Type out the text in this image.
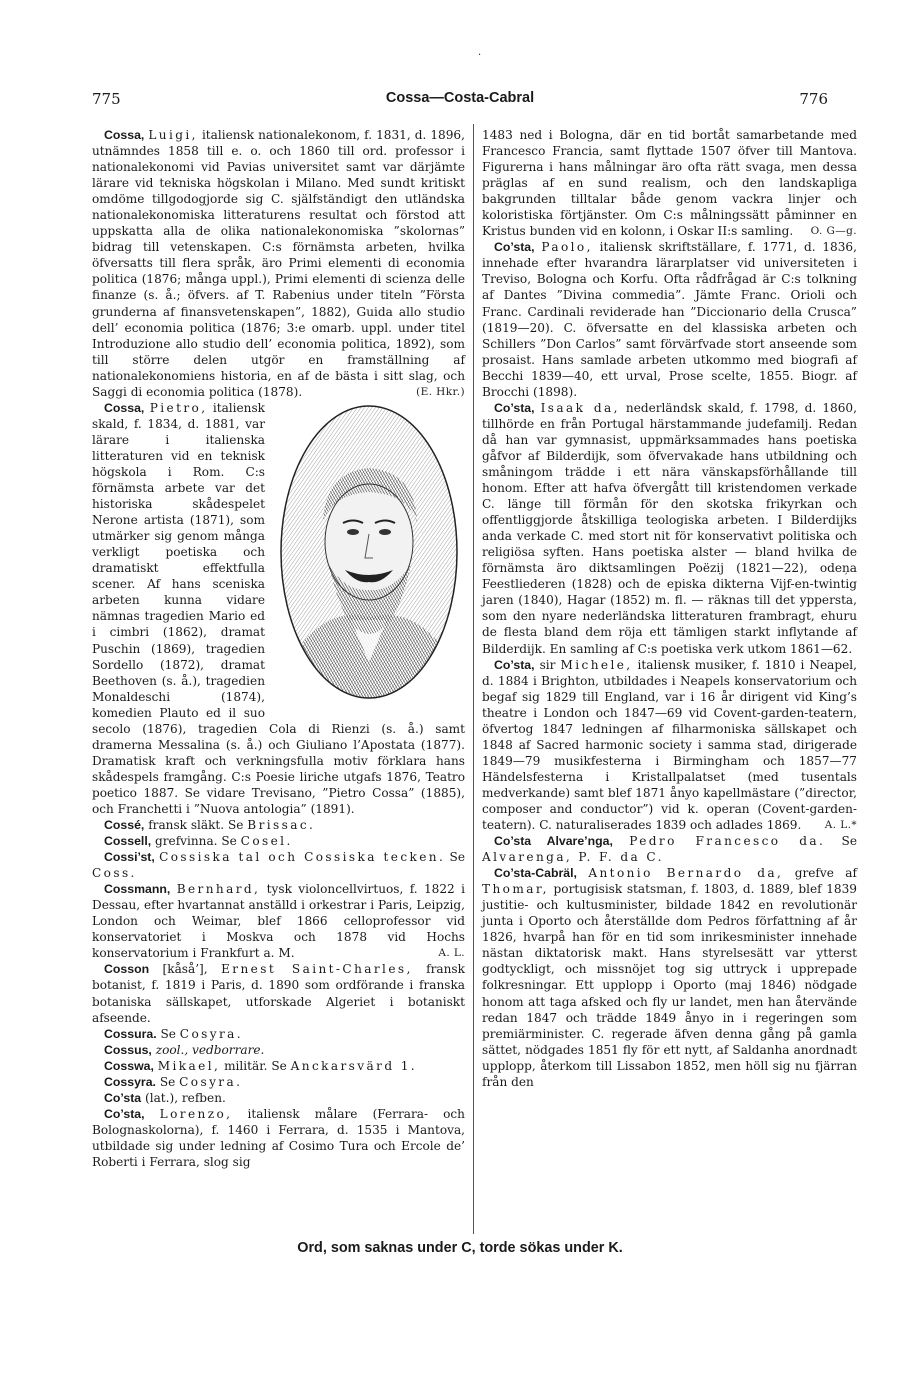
·
775	Cossa—Costa-Cabral	776

Cossa, Luigi, italiensk nationalekonom, f. 1831, d. 1896, utnämndes 1858 till e. o. och 1860 till ord. professor i nationalekonomi vid Pavias universitet samt var därjämte lärare vid tekniska högskolan i Milano. Med sundt kritiskt omdöme tillgodogjorde sig C. själfständigt den utländska nationalekonomiska litteraturens resultat och förstod att uppskatta alla de olika nationalekonomiska ”skolornas” bidrag till vetenskapen. C:s förnämsta arbeten, hvilka öfversatts till flera språk, äro Primi elementi di economia politica (1876; många uppl.), Primi elementi di scienza delle finanze (s. å.; öfvers. af T. Rabenius under titeln ”Första grunderna af finansvetenskapen”, 1882), Guida allo studio dell’ economia politica (1876; 3:e omarb. uppl. under titel Introduzione allo studio dell’ economia politica, 1892), som till större delen utgör en framställning af nationalekonomiens historia, en af de bästa i sitt slag, och Saggi di economia politica (1878).	(E. Hkr.)

Cossa, Pietro, italiensk skald, f. 1834, d. 1881, var lärare i italienska litteraturen vid en teknisk högskola i Rom. C:s förnämsta arbete var det historiska skådespelet Nerone artista (1871), som utmärker sig genom många verkligt poetiska och dramatiskt effektfulla scener. Af hans sceniska arbeten kunna vidare nämnas tragedien Mario ed i cimbri (1862), dramat Puschin (1869), tragedien Sordello (1872), dramat Beethoven (s. å.), tragedien Monaldeschi (1874), komedien Plauto ed il suo secolo (1876), tragedien Cola di Rienzi (s. å.) samt dramerna Messalina (s. å.) och Giuliano l’Apostata (1877). Dramatisk kraft och verkningsfulla motiv förklara hans skådespels framgång. C:s Poesie liriche utgafs 1876, Teatro poetico 1887. Se vidare Trevisano, ”Pietro Cossa” (1885), och Franchetti i ”Nuova antologia” (1891).

Cossé, fransk släkt. Se Brissac.

Cossell, grefvinna. Se Cosel.

Cossi’st, Cossiska tal och Cossiska tecken. Se Coss.

Cossmann, Bernhard, tysk violoncellvirtuos, f. 1822 i Dessau, efter hvartannat anställd i orkestrar i Paris, Leipzig, London och Weimar, blef 1866 celloprofessor vid konservatoriet i Moskva och 1878 vid Hochs konservatorium i Frankfurt a. M.	A. L.

Cosson [kåså’], Ernest Saint-Charles, fransk botanist, f. 1819 i Paris, d. 1890 som ordförande i franska botaniska sällskapet, utforskade Algeriet i botaniskt afseende.

Cossura. Se Cosyra.

Cossus, zool., vedborrare.

Cosswa, Mikael, militär. Se Anckarsvärd 1.

Cossyra. Se Cosyra.

Co’sta (lat.), refben.

Co’sta, Lorenzo, italiensk målare (Ferrara- och Bolognaskolorna), f. 1460 i Ferrara, d. 1535 i Mantova, utbildade sig under ledning af Cosimo Tura och Ercole de’ Roberti i Ferrara, slog sig

1483 ned i Bologna, där en tid bortåt samarbetande med Francesco Francia, samt flyttade 1507 öfver till Mantova. Figurerna i hans målningar äro ofta rätt svaga, men dessa präglas af en sund realism, och den landskapliga bakgrunden tilltalar både genom vackra linjer och koloristiska förtjänster. Om C:s målningssätt påminner en Kristus bunden vid en kolonn, i Oskar II:s samling.	O. G—g.

Co’sta, Paolo, italiensk skriftställare, f. 1771, d. 1836, innehade efter hvarandra lärarplatser vid universiteten i Treviso, Bologna och Korfu. Ofta rådfrågad är C:s tolkning af Dantes ”Divina commedia”. Jämte Franc. Orioli och Franc. Cardinali reviderade han ”Diccionario della Crusca” (1819—20). C. öfversatte en del klassiska arbeten och Schillers ”Don Carlos” samt förvärfvade stort anseende som prosaist. Hans samlade arbeten utkommo med biografi af Becchi 1839—40, ett urval, Prose scelte, 1855. Biogr. af Brocchi (1898).

Co’sta, Isaak da, nederländsk skald, f. 1798, d. 1860, tillhörde en från Portugal härstammande judefamilj. Redan då han var gymnasist, uppmärksammades hans poetiska gåfvor af Bilderdijk, som öfvervakade hans utbildning och småningom trädde i ett nära vänskapsförhållande till honom. Efter att hafva öfvergått till kristendomen verkade C. länge till förmån för den skotska frikyrkan och offentliggjorde åtskilliga teologiska arbeten. I Bilderdijks anda verkade C. med stort nit för konservativt politiska och religiösa syften. Hans poetiska alster — bland hvilka de förnämsta äro diktsamlingen Poëzij (1821—22), odeņa Feestliederen (1828) och de episka dikterna Vijf-en-twintig jaren (1840), Hagar (1852) m. fl. — räknas till det yppersta, som den nyare nederländska litteraturen frambragt, ehuru de flesta bland dem röja ett tämligen starkt inflytande af Bilderdijk. En samling af C:s poetiska verk utkom 1861—62.

Co’sta, sir Michele, italiensk musiker, f. 1810 i Neapel, d. 1884 i Brighton, utbildades i Neapels konservatorium och begaf sig 1829 till England, var i 16 år dirigent vid King’s theatre i London och 1847—69 vid Covent-garden-teatern, öfvertog 1847 ledningen af filharmoniska sällskapet och 1848 af Sacred harmonic society i samma stad, dirigerade 1849—79 musikfesterna i Birmingham och 1857—77 Händelsfesterna i Kristallpalatset (med tusentals medverkande) samt blef 1871 ånyo kapellmästare (”director, composer and conductor”) vid k. operan (Covent-garden-teatern). C. naturaliserades 1839 och adlades 1869.	A. L.*

Co’sta Alvare’nga, Pedro Francesco da. Se Alvarenga, P. F. da C.

Co’sta-Cabräl, Antonio Bernardo da, grefve af Thomar, portugisisk statsman, f. 1803, d. 1889, blef 1839 justitie- och kultusminister, bildade 1842 en revolutionär junta i Oporto och återställde dom Pedros författning af år 1826, hvarpå han för en tid som inrikesminister innehade nästan diktatorisk makt. Hans styrelsesätt var ytterst godtyckligt, och missnöjet tog sig uttryck i upprepade folkresningar. Ett upplopp i Oporto (maj 1846) nödgade honom att taga afsked och fly ur landet, men han återvände redan 1847 och trädde 1849 ånyo in i regeringen som premiärminister. C. regerade äfven denna gång på gamla sättet, nödgades 1851 fly för ett nytt, af Saldanha anordnadt upplopp, återkom till Lissabon 1852, men höll sig nu fjärran från den

Ord, som saknas under C, torde sökas under K.
